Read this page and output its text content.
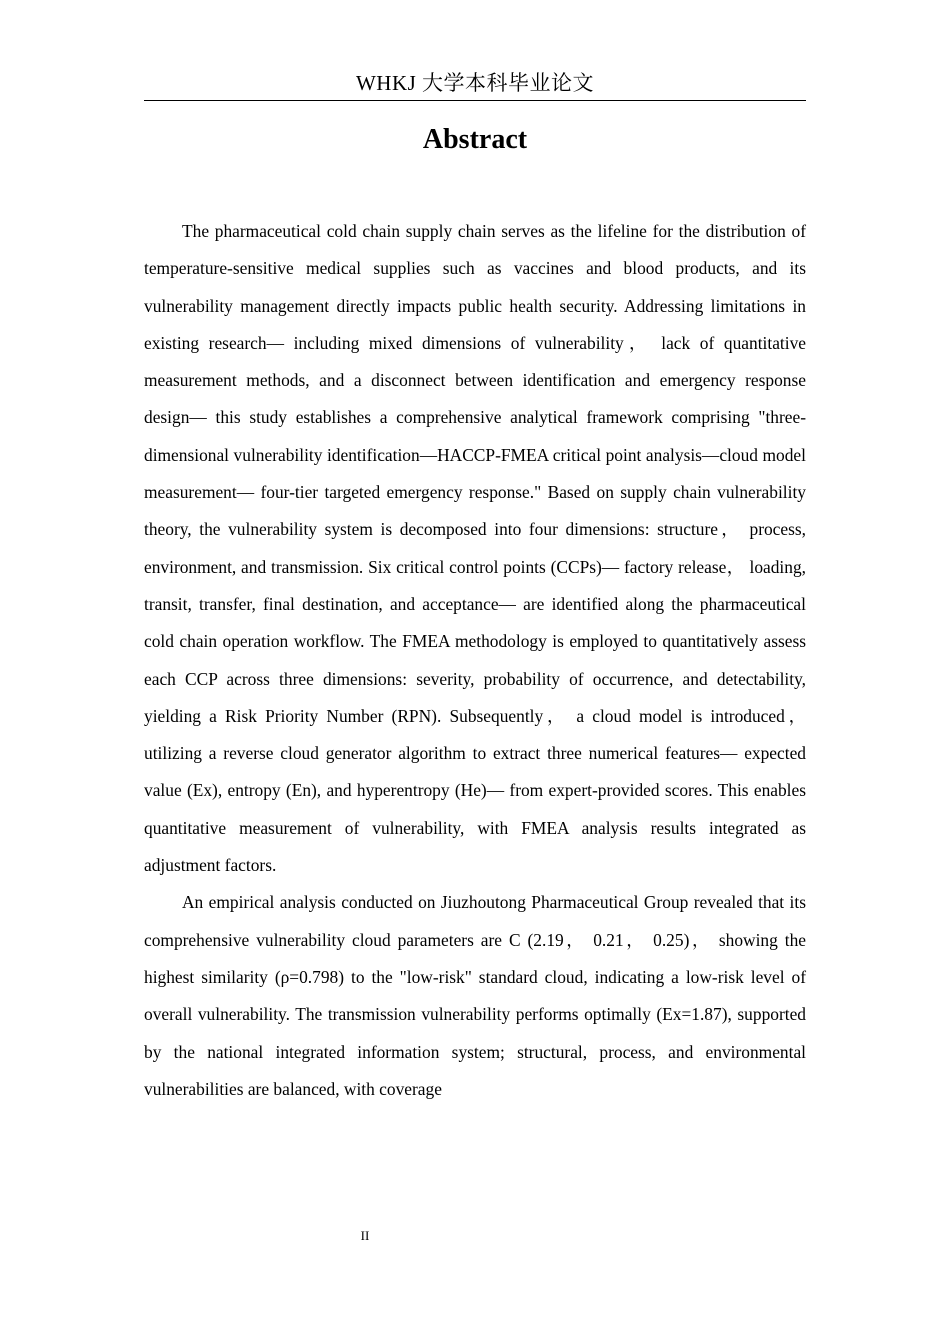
WHKJ 大学本科毕业论文
Abstract

The pharmaceutical cold chain supply chain serves as the lifeline for the distribution of temperature-sensitive medical supplies such as vaccines and blood products, and its vulnerability management directly impacts public health security. Addressing limitations in existing research— including mixed dimensions of vulnerability， lack of quantitative measurement methods, and a disconnect between identification and emergency response design— this study establishes a comprehensive analytical framework comprising "three-dimensional vulnerability identification—HACCP-FMEA critical point analysis—cloud model measurement— four-tier targeted emergency response." Based on supply chain vulnerability theory, the vulnerability system is decomposed into four dimensions: structure， process, environment, and transmission. Six critical control points (CCPs)— factory release， loading, transit, transfer, final destination, and acceptance— are identified along the pharmaceutical cold chain operation workflow. The FMEA methodology is employed to quantitatively assess each CCP across three dimensions: severity, probability of occurrence, and detectability, yielding a Risk Priority Number (RPN). Subsequently， a cloud model is introduced， utilizing a reverse cloud generator algorithm to extract three numerical features— expected value (Ex), entropy (En), and hyperentropy (He)— from expert-provided scores. This enables quantitative measurement of vulnerability, with FMEA analysis results integrated as adjustment factors.

An empirical analysis conducted on Jiuzhoutong Pharmaceutical Group revealed that its comprehensive vulnerability cloud parameters are C (2.19， 0.21， 0.25)， showing the highest similarity (ρ=0.798) to the "low-risk" standard cloud, indicating a low-risk level of overall vulnerability. The transmission vulnerability performs optimally (Ex=1.87), supported by the national integrated information system; structural, process, and environmental vulnerabilities are balanced, with coverage

II
